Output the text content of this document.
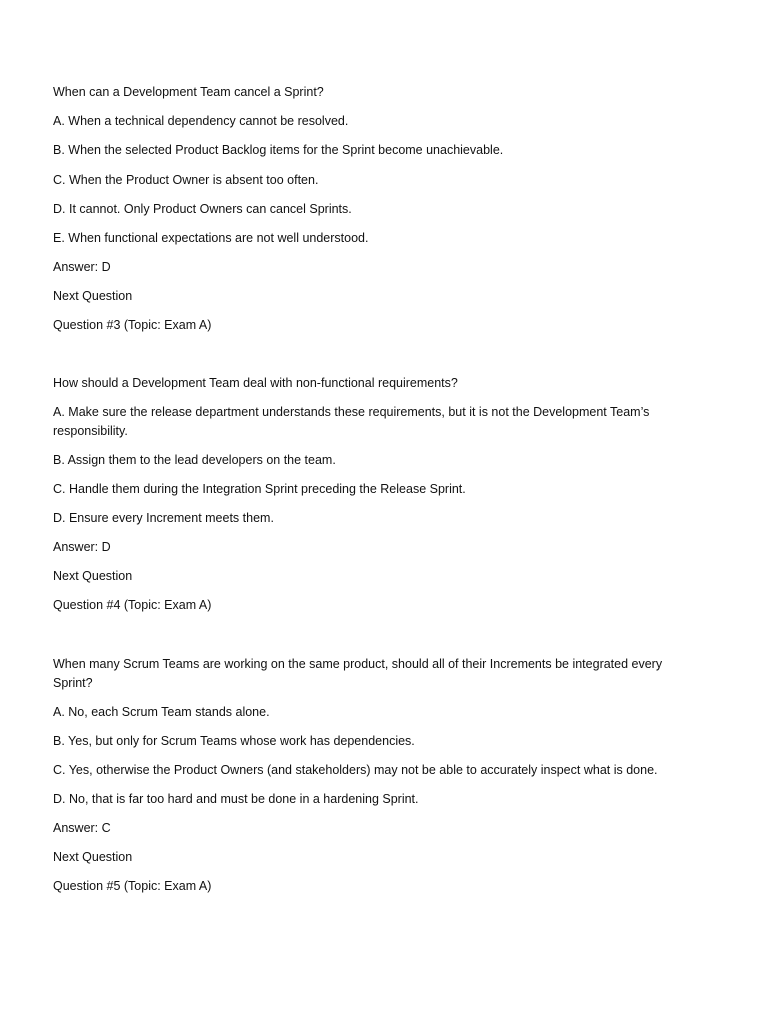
When can a Development Team cancel a Sprint?
A. When a technical dependency cannot be resolved.
B. When the selected Product Backlog items for the Sprint become unachievable.
C. When the Product Owner is absent too often.
D. It cannot. Only Product Owners can cancel Sprints.
E. When functional expectations are not well understood.
Answer: D
Next Question
Question #3 (Topic: Exam A)
How should a Development Team deal with non-functional requirements?
A. Make sure the release department understands these requirements, but it is not the Development Team’s responsibility.
B. Assign them to the lead developers on the team.
C. Handle them during the Integration Sprint preceding the Release Sprint.
D. Ensure every Increment meets them.
Answer: D
Next Question
Question #4 (Topic: Exam A)
When many Scrum Teams are working on the same product, should all of their Increments be integrated every Sprint?
A. No, each Scrum Team stands alone.
B. Yes, but only for Scrum Teams whose work has dependencies.
C. Yes, otherwise the Product Owners (and stakeholders) may not be able to accurately inspect what is done.
D. No, that is far too hard and must be done in a hardening Sprint.
Answer: C
Next Question
Question #5 (Topic: Exam A)
